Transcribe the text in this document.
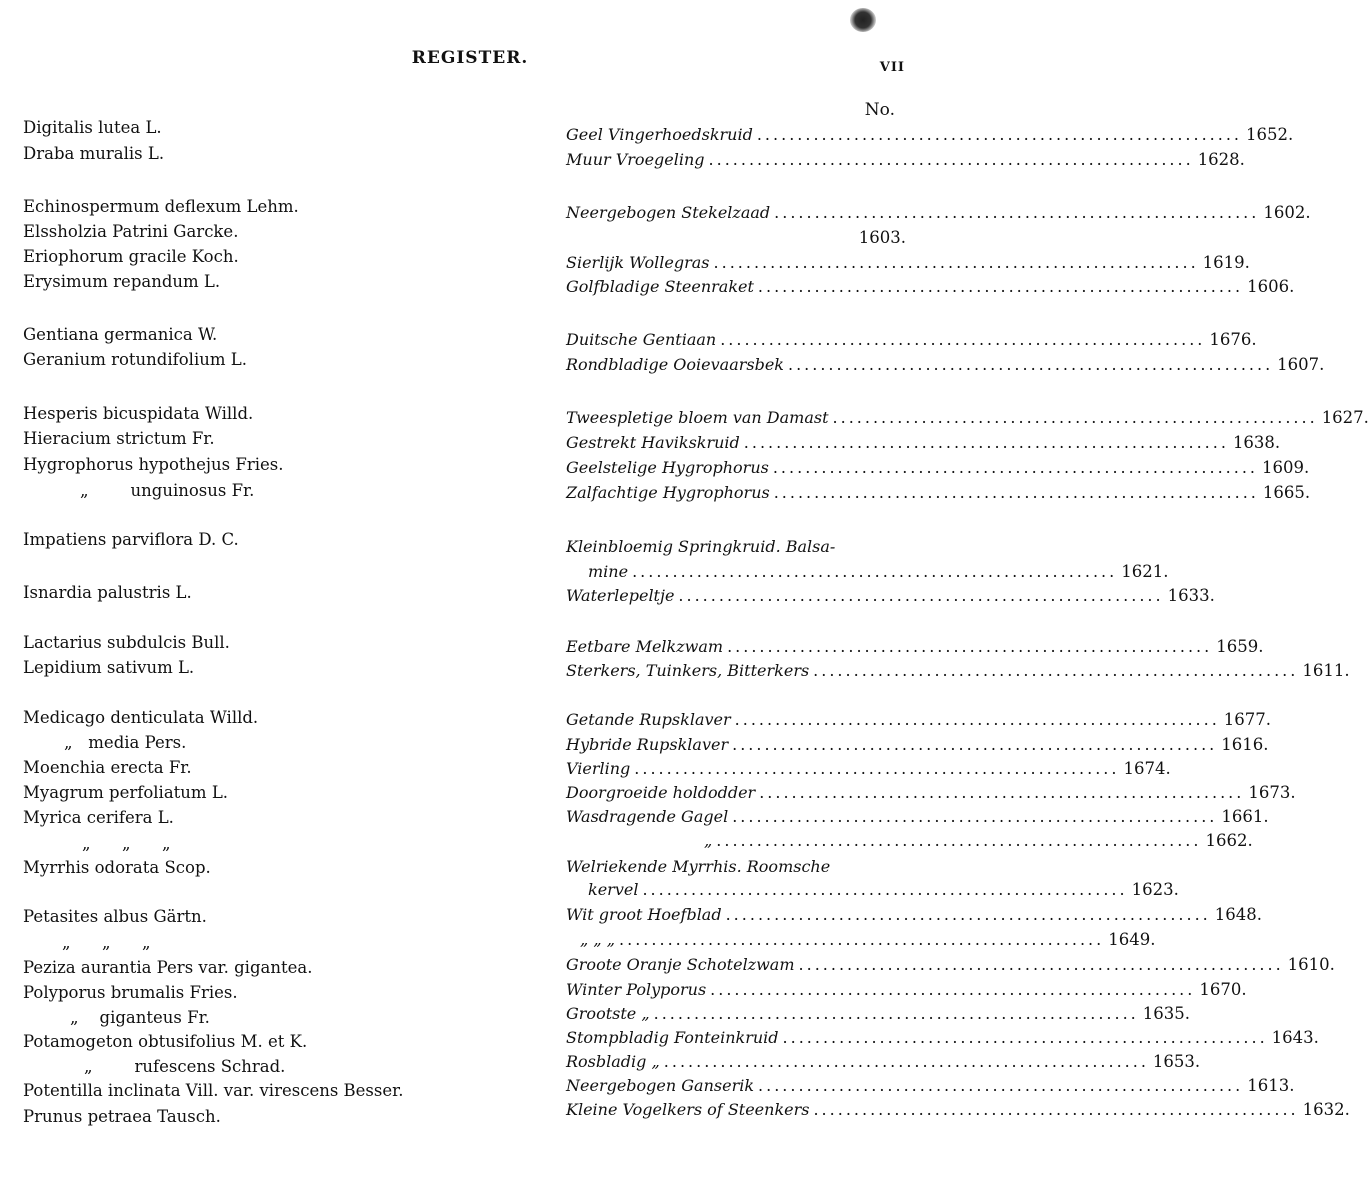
REGISTER.	VII
No.
Digitalis lutea L.
Draba muralis L.
Echinospermum deflexum Lehm.
Elssholzia Patrini Garcke.
Eriophorum gracile Koch.
Erysimum repandum L.
Gentiana germanica W.
Geranium rotundifolium L.
Hesperis bicuspidata Willd.
Hieracium strictum Fr.
Hygrophorus hypothejus Fries.
„        unguinosus Fr.
Impatiens parviflora D. C.
Isnardia palustris L.
Lactarius subdulcis Bull.
Lepidium sativum L.
Medicago denticulata Willd.
„   media Pers.
Moenchia erecta Fr.
Myagrum perfoliatum L.
Myrica cerifera L.
„      „      „
Myrrhis odorata Scop.
Petasites albus Gärtn.
„      „      „
Peziza aurantia Pers var. gigantea.
Polyporus brumalis Fries.
„    giganteus Fr.
Potamogeton obtusifolius M. et K.
„        rufescens Schrad.
Potentilla inclinata Vill. var. virescens Besser.
Prunus petraea Tausch.
Geel Vingerhoedskruid ............................................................ 1652.
Muur Vroegeling ............................................................ 1628.
Neergebogen Stekelzaad ............................................................ 1602.
1603.
Sierlijk Wollegras ............................................................ 1619.
Golfbladige Steenraket ............................................................ 1606.
Duitsche Gentiaan ............................................................ 1676.
Rondbladige Ooievaarsbek ............................................................ 1607.
Tweespletige bloem van Damast ............................................................ 1627.
Gestrekt Havikskruid ............................................................ 1638.
Geelstelige Hygrophorus ............................................................ 1609.
Zalfachtige Hygrophorus ............................................................ 1665.
Kleinbloemig Springkruid. Balsa-
mine ............................................................ 1621.
Waterlepeltje ............................................................ 1633.
Eetbare Melkzwam ............................................................ 1659.
Sterkers, Tuinkers, Bitterkers ............................................................ 1611.
Getande Rupsklaver ............................................................ 1677.
Hybride Rupsklaver ............................................................ 1616.
Vierling ............................................................ 1674.
Doorgroeide holdodder ............................................................ 1673.
Wasdragende Gagel ............................................................ 1661.
„ ............................................................ 1662.
Welriekende Myrrhis. Roomsche
kervel ............................................................ 1623.
Wit groot Hoefblad ............................................................ 1648.
„ „ „ ............................................................ 1649.
Groote Oranje Schotelzwam ............................................................ 1610.
Winter Polyporus ............................................................ 1670.
Grootste „ ............................................................ 1635.
Stompbladig Fonteinkruid ............................................................ 1643.
Rosbladig „ ............................................................ 1653.
Neergebogen Ganserik ............................................................ 1613.
Kleine Vogelkers of Steenkers ............................................................ 1632.
